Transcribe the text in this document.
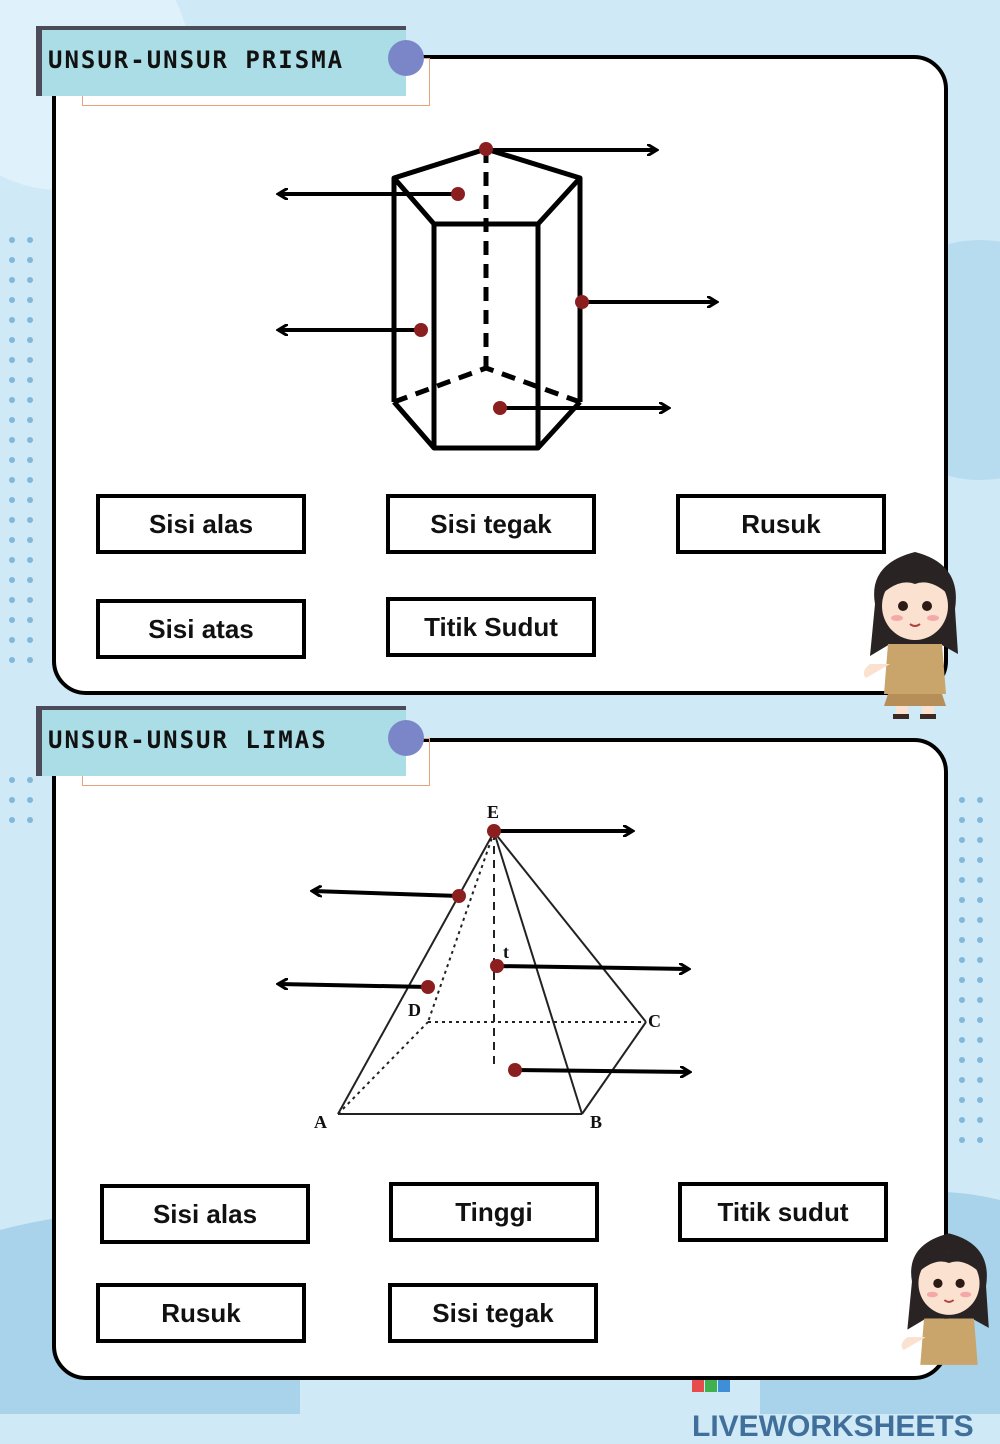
UNSUR-UNSUR PRISMA
Sisi alas	Sisi tegak	Rusuk
Sisi atas	Titik Sudut
UNSUR-UNSUR LIMAS
E
t
D
C
A	B
Sisi alas	Tinggi	Titik sudut
Rusuk	Sisi tegak
LIVEWORKSHEETS
